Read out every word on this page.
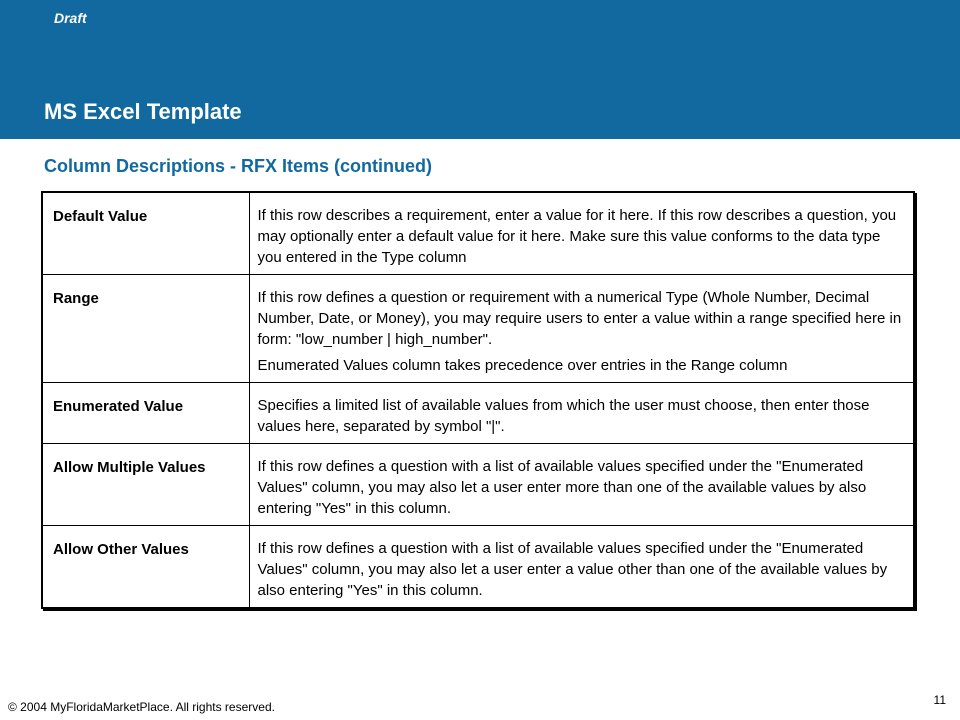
Draft
MS Excel Template
Column Descriptions - RFX Items (continued)
Default Value	If this row describes a requirement, enter a value for it here. If this row describes a question, you may optionally enter a default value for it here. Make sure this value conforms to the data type you entered in the Type column

Range	If this row defines a question or requirement with a numerical Type (Whole Number, Decimal Number, Date, or Money), you may require users to enter a value within a range specified here in form: "low_number | high_number".

Enumerated Values column takes precedence over entries in the Range column

Enumerated Value	Specifies a limited list of available values from which the user must choose, then enter those values here, separated by symbol "|".

Allow Multiple Values	If this row defines a question with a list of available values specified under the "Enumerated Values" column, you may also let a user enter more than one of the available values by also entering "Yes" in this column.

Allow Other Values	If this row defines a question with a list of available values specified under the "Enumerated Values" column, you may also let a user enter a value other than one of the available values by also entering "Yes" in this column.

© 2004 MyFloridaMarketPlace. All rights reserved.	11
